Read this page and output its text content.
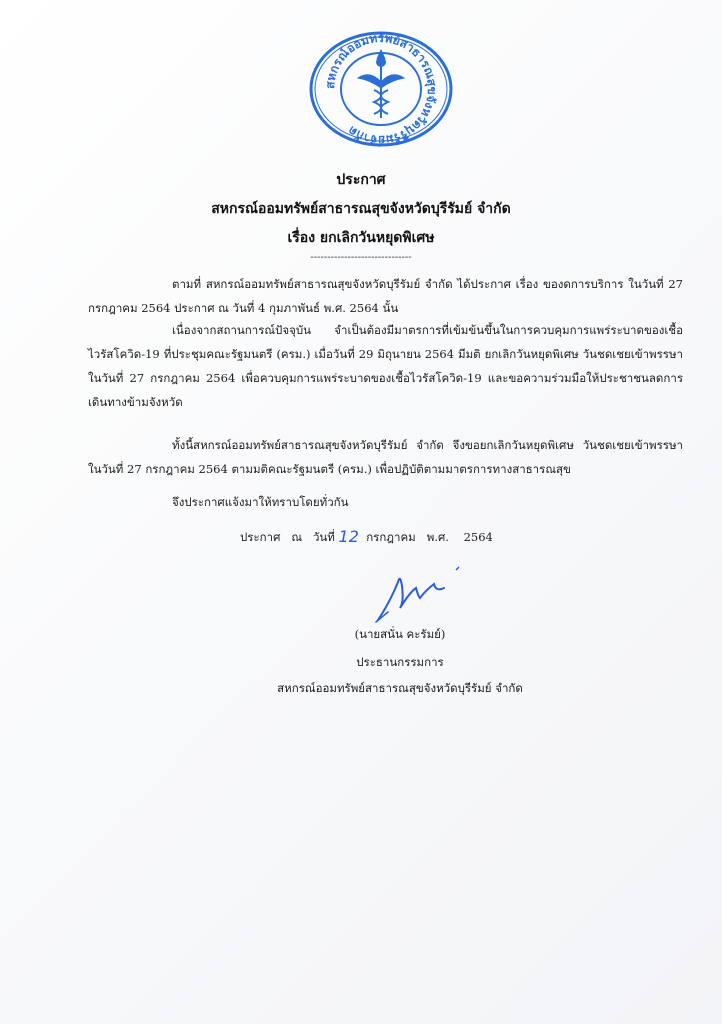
สหกรณ์ออมทรัพย์สาธารณสุขจังหวัดบุรีรัมย์จำกัด
ประกาศ
สหกรณ์ออมทรัพย์สาธารณสุขจังหวัดบุรีรัมย์ จำกัด
เรื่อง ยกเลิกวันหยุดพิเศษ
------------------------------
ตามที่ สหกรณ์ออมทรัพย์สาธารณสุขจังหวัดบุรีรัมย์ จำกัด ได้ประกาศ เรื่อง ของดการบริการ ในวันที่ 27 กรกฎาคม 2564 ประกาศ ณ วันที่ 4 กุมภาพันธ์ พ.ศ. 2564 นั้น
เนื่องจากสถานการณ์ปัจจุบัน จำเป็นต้องมีมาตรการที่เข้มข้นขึ้นในการควบคุมการแพร่ระบาดของเชื้อไวรัสโควิด-19 ที่ประชุมคณะรัฐมนตรี (ครม.) เมื่อวันที่ 29 มิถุนายน 2564 มีมติ ยกเลิกวันหยุดพิเศษ วันชดเชยเข้าพรรษา ในวันที่ 27 กรกฎาคม 2564 เพื่อควบคุมการแพร่ระบาดของเชื้อไวรัสโควิด-19 และขอความร่วมมือให้ประชาชนลดการเดินทางข้ามจังหวัด
ทั้งนี้สหกรณ์ออมทรัพย์สาธารณสุขจังหวัดบุรีรัมย์ จำกัด จึงขอยกเลิกวันหยุดพิเศษ วันชดเชยเข้าพรรษา ในวันที่ 27 กรกฎาคม 2564 ตามมติคณะรัฐมนตรี (ครม.) เพื่อปฏิบัติตามมาตรการทางสาธารณสุข
จึงประกาศแจ้งมาให้ทราบโดยทั่วกัน
ประกาศ   ณ   วันที่ 12 กรกฎาคม พ.ศ. 2564
(นายสนั่น คะรัมย์)
ประธานกรรมการ
สหกรณ์ออมทรัพย์สาธารณสุขจังหวัดบุรีรัมย์ จำกัด
